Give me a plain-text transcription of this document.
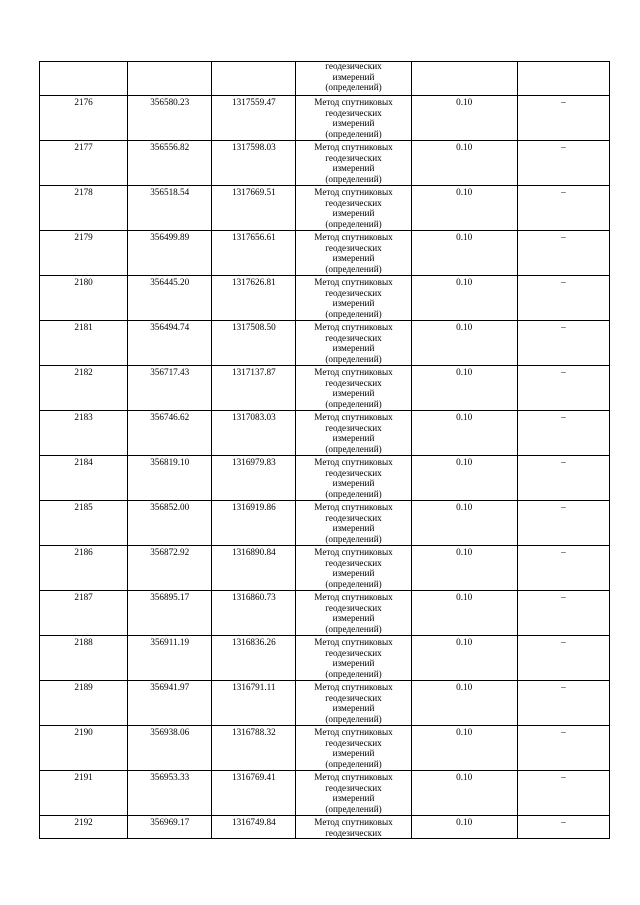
			геодезических
измерений
(определений)		

2176	356580.23	1317559.47	Метод спутниковых
геодезических
измерений
(определений)	0.10	–

2177	356556.82	1317598.03	Метод спутниковых
геодезических
измерений
(определений)	0.10	–

2178	356518.54	1317669.51	Метод спутниковых
геодезических
измерений
(определений)	0.10	–

2179	356499.89	1317656.61	Метод спутниковых
геодезических
измерений
(определений)	0.10	–

2180	356445.20	1317626.81	Метод спутниковых
геодезических
измерений
(определений)	0.10	–

2181	356494.74	1317508.50	Метод спутниковых
геодезических
измерений
(определений)	0.10	–

2182	356717.43	1317137.87	Метод спутниковых
геодезических
измерений
(определений)	0.10	–

2183	356746.62	1317083.03	Метод спутниковых
геодезических
измерений
(определений)	0.10	–

2184	356819.10	1316979.83	Метод спутниковых
геодезических
измерений
(определений)	0.10	–

2185	356852.00	1316919.86	Метод спутниковых
геодезических
измерений
(определений)	0.10	–

2186	356872.92	1316890.84	Метод спутниковых
геодезических
измерений
(определений)	0.10	–

2187	356895.17	1316860.73	Метод спутниковых
геодезических
измерений
(определений)	0.10	–

2188	356911.19	1316836.26	Метод спутниковых
геодезических
измерений
(определений)	0.10	–

2189	356941.97	1316791.11	Метод спутниковых
геодезических
измерений
(определений)	0.10	–

2190	356938.06	1316788.32	Метод спутниковых
геодезических
измерений
(определений)	0.10	–

2191	356953.33	1316769.41	Метод спутниковых
геодезических
измерений
(определений)	0.10	–

2192	356969.17	1316749.84	Метод спутниковых
геодезических	0.10	–
